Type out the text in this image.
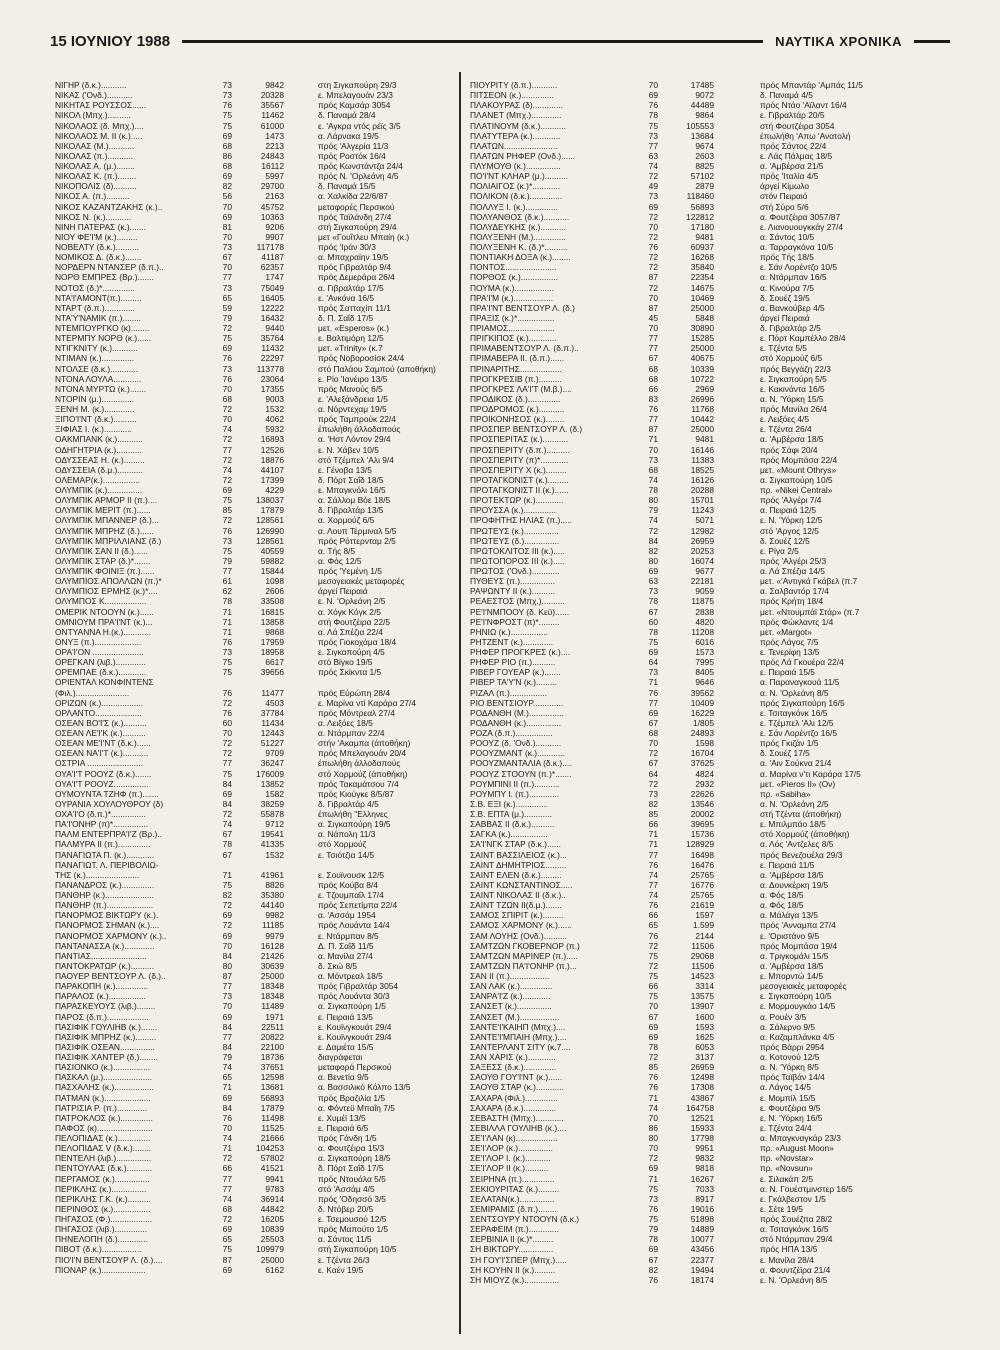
15 ΙΟΥΝΙΟΥ 1988	ΝΑΥΤΙΚΑ ΧΡΟΝΙΚΑ
ΝΙΓΗΡ (δ.κ.)...........	73	9842	στη Σιγκαπούρη 29/3
ΝΙΚΑΣ ('Ονδ.)...........	73	20328	ε. Μπελαγουάν 23/3
ΝΙΚΗΤΑΣ ΡΟΥΣΣΟΣ......	76	35567	πρός Καμσάρ 3054
ΝΙΚΟΛ (Μπχ.)..........	75	11462	δ. Παναμά 28/4
ΝΙΚΟΛΑΟΣ (δ. Μπχ.)....	75	61000	ε. 'Αγκρα ντός ρέϊς 3/5
ΝΙΚΟΛΑΟΣ Μ. ΙΙ (κ.).....	69	1473	α. Λάρνακα 19/5
ΝΙΚΟΛΑΣ (Μ.)...........	68	2213	πρός 'Αλγερία 11/3
ΝΙΚΟΛΑΣ (π.)...........	86	24843	πρός Ροστόκ 16/4
ΝΙΚΟΛΑΣ Α. (μ.)........	68	16112	πρός Κωνστάντζα 24/4
ΝΙΚΟΛΑΣ Κ. (π.)........	69	5997	πρός Ν. 'Ορλεάνη 4/5
ΝΙΚΟΠΟΛΙΣ (δ)..........	82	29700	δ. Παναμά 15/5
ΝΙΚΟΣ Α. (π.)..........	56	2163	α. Χαλκίδα 22/6/87
ΝΙΚΟΣ ΚΑΖΑΝΤΖΑΚΗΣ (κ.)..	70	45752	μεταφορές Περσικού
ΝΙΚΟΣ Ν. (κ.)...........	69	10363	πρός Ταϊλάνδη 27/4
ΝΙΝΗ ΠΑΤΕΡΑΣ (κ.).......	81	9206	στή Σιγκαπούρη 29/4
ΝΙΟΥ ΦΕ'Ι'Μ (κ.).........	70	9907	μετ «Γουΐτλευ Μπαίη (κ.)
ΝΟΒΕΛΤΥ (δ.κ.)..........	73	117178	πρός 'Ιράν 30/3
ΝΟΜΙΚΟΣ Δ. (δ.κ.).......	67	41187	α. Μπαχραίην 19/5
ΝΟΡΔΕΡΝ ΝΤΑΝΣΕΡ (δ.π.)..	70	62357	πρός Γιβραλτάρ 9/4
ΝΟΡΘ ΕΜΠΡΕΣ (Βρ.).......	77	1747	πρός Δεμεράρα 26/4
ΝΟΤΟΣ (δ.)*..............	73	75049	α. Γιβραλτάρ 17/5
ΝΤΑ'Ι'ΑΜΟΝΤ(π.).........	65	16405	ε. 'Ανκόνα 16/5
ΝΤΑΡΤ (δ.π.).............	59	12222	πρός Σατταχίπ 11/1
ΝΤΑ'Υ'ΝΑΜΙΚ (π.)........	79	16432	δ. Π. Σαΐδ 17/5
ΝΤΕΜΠΟΥΡΓΚΟ (κ)........	72	9440	μετ. «Esperos» (κ.)
ΝΤΕΡΜΠΥ ΝΟΡΘ (κ.)......	75	35764	ε. Βαλτιμόρη 12/5
ΝΤΙΓΚΝΙΤΥ (κ.)...........	69	11432	μετ. «Trinity» (κ.7
ΝΤΙΜΑΝ (κ.)..............	76	22297	πρός Νοβοροσίσκ 24/4
ΝΤΟΛΣΕ (δ.κ.)............	73	113778	στό Παλάου Σαμπού (αποθήκη)
ΝΤΟΝΑ ΛΟΥΛΑ............	76	23064	ε. Ρίο 'Ιανέιρο 13/5
ΝΤΟΝΑ ΜΥΡΤΩ (κ.).......	70	17355	πρός Μανούς 6/5
ΝΤΟΡΙΝ (μ.)..............	68	9003	ε. 'Αλεξάνδρεια 1/5
ΞΕΝΗ Μ. (κ.).............	72	1532	α. Νόρντεχαμ 19/5
ΞΙΠΟ'Ι'ΝΤ (δ.κ.)..........	70	4062	πρός Ταμπρούκ 22/4
ΞΙΦΙΑΣ Ι. (κ.)............	74	5932	έπωλήθη άλλοδαπούς
ΟΑΚΜΠΑΝΚ (κ.)...........	72	16893	α. 'Ηστ Λόντον 29/4
ΟΔΗΓΗΤΡΙΑ (κ.)...........	77	12526	ε. Ν. Χάβεν 10/5
ΟΔΥΣΣΕΑΣ Η. (κ.).........	72	18876	στό Τζέμπελ 'Αλι 9/4
ΟΔΥΣΣΕΙΑ (δ.μ.)...........	74	44107	ε. Γένοβα 13/5
ΟΛΕΜΑΡ(κ.)................	72	17399	δ. Πόρτ Σαΐδ 18/5
ΟΛΥΜΠΙΚ (κ.)...............	69	4229	ε. Μπαγκνόλι 16/5
ΟΛΥΜΠΙΚ ΑΡΜΟΡ ΙΙ (π.)....	75	138037	α. Σάλλομ Βόε 18/5
ΟΛΥΜΠΙΚ ΜΕΡΙΤ (π.)......	85	17879	δ. Γιβραλτάρ 13/5
ΟΛΥΜΠΙΚ ΜΠΑΝΝΕΡ (δ.)...	72	128561	α. Χορμούζ 6/5
ΟΛΥΜΠΙΚ ΜΠΡΗΖ (δ.)......	76	126990	α. Λουπ Τέρμιναλ 5/5
ΟΛΥΜΠΙΚ ΜΠΡΙΛΛΙΑΝΣ (δ.)	73	128561	πρός Ρόττερνταμ 2/5
ΟΛΥΜΠΙΚ ΣΑΝ ΙΙ (δ.)......	75	40559	α. Τής 8/5
ΟΛΥΜΠΙΚ ΣΤΑΡ (δ.)*.......	79	59882	α. Φός 12/5
ΟΛΥΜΠΙΚ ΦΟΙΝΙΞ (π.)......	77	15844	πρός 'Υεμένη 1/5
ΟΛΥΜΠΙΟΣ ΑΠΟΛΛΩΝ (π.)*	61	1098	μεσογειακές μεταφορές
ΟΛΥΜΠΙΟΣ ΕΡΜΗΣ (κ.)*....	62	2606	άργεί Πειραιά
ΟΛΥΜΠΟΣ Κ..................	78	33508	ε. Ν. 'Ορλεάνη 2/5
ΟΜΕΡΙΚ ΝΤΟΟΥΝ (κ.)......	71	16815	α. Χόγκ Κόγκ 2/5
ΟΜΝΙΟΥΜ ΠΡΑ'Ι'ΝΤ (κ.)...	71	13858	στή Φουτζέιρα 22/5
ΟΝΤΥΑΝΝΑ Η.(κ.)............	71	9868	α. Λά Σπέζια 22/4
ΟΝΥΞ (π.)....................	76	17959	πρός Γιοκοχάμα 18/4
ΟΡΑ'Ι'ΟΝ ......................	73	18958	ε. Σιγκαπούρη 4/5
ΟΡΕΓΚΑΝ (λιβ.).............	75	6617	στό Βίγκο 19/5
ΟΡΕΜΠΑΕ (δ.κ.)............	75	39656	πρός Σκίκντα 1/5
ΟΡΙΕΝΤΑΛ ΚΟΝΦΙΝΤΕΝΣ
(Φιλ.).......................	76	11477	πρός Εύρώπη 28/4
ΟΡΙΖΩΝ (κ.)..................	72	4503	ε. Μαρίνα ντί Καράρα 27/4
ΟΡΛΑΝΤΟ....................	76	37784	πρός Μόντρεαλ 27/4
ΟΣΕΑΝ ΒΟ'Ι'Σ (κ.)..........	60	11434	α. Λειξόες 18/5
ΟΣΕΑΝ ΛΕ'Ι'Κ (κ.)..........	70	12443	α. Ντάρμπαν 22/4
ΟΣΕΑΝ ΜΕ'Ι'ΝΤ (δ.κ.)......	72	51227	στήν 'Ακαμπα (άποθήκη)
ΟΣΕΑΝ ΝΑ'Ι'Τ (κ.)...........	72	9709	πρός Μπελαγουάν 20/4
ΟΣΤΡΙΑ ........................	77	36247	έπωλήθη άλλοδαπούς
ΟΥΑ'Ι'Τ ΡΟΟΥΖ (δ.κ.).......	75	176009	στό Χορμούζ (άποθήκη)
ΟΥΑ'Ι'Τ ΡΟΟΥΖ...............	84	13852	πρός Τακαμάτσου 7/4
ΟΥΜΟΥΝΤΑ ΤΖΗΦ (π.).......	69	1582	πρός Κιούγκε 8/5/87
ΟΥΡΑΝΙΑ ΧΟΥΛΟΥΘΡΟΥ (δ)	84	38259	δ. Γιβραλτάρ 4/5
ΟΧΑ'Ι'Ο (δ.π.)*...............	72	55878	έπωλήθη "Ελληνες
ΠΑ'Ι'ΟΝΗΡ (π)*...............	74	9712	α. Σιγκαπούρη 19/5
ΠΑΛΜ ΕΝΤΕΡΠΡΑ'Ι'Ζ (Βρ.)..	67	19541	α. Νάπολη 11/3
ΠΑΛΜΥΡΑ ΙΙ (π.)..............	78	41335	στό Χορμούζ
ΠΑΝΑΓΙΩΤΑ Π. (κ.)............	67	1532	ε. Τσιότζια 14/5
ΠΑΝΑΓΙΩΤ. Λ. ΠΕΡΙΒΟΛΙΩ-
ΤΗΣ (κ.).......................	71	41961	ε. Σουϊνουσκ 12/5
ΠΑΝΑΝΔΡΟΣ (κ.)..............	75	8826	πρός Κούβα 8/4
ΠΑΝΘΗΡ (κ.).....................	82	35380	ε. Τζουμπαΐλ 17/4
ΠΑΝΘΗΡ (π.)....................	72	44140	πρός Σεπετίμπα 22/4
ΠΑΝΟΡΜΟΣ ΒΙΚΤΩΡΥ (κ.).	69	9982	α. 'Ασσάμ 1954
ΠΑΝΟΡΜΟΣ ΣΗΜΑΝ (κ.)....	72	11185	πρός Λουάντα 14/4
ΠΑΝΟΡΜΟΣ ΧΑΡΜΟΝΥ (κ.)..	69	9979	ε. Ντάρμπαν 8/5
ΠΑΝΤΑΝΑΣΣΑ (κ.).............	70	16128	Δ. Π. Σαΐδ 11/5
ΠΑΝΤΙΑΣ........................	84	21426	α. Μανίλα 27/4
ΠΑΝΤΟΚΡΑΤΩΡ (κ.)..........	80	30639	δ. Σκώ 8/5
ΠΑΟΥΕΡ ΒΕΝΤΣΟΥΡ Λ. (δ.)..	87	25000	α. Μόντρεαλ 18/5
ΠΑΡΑΚΟΠΗ (κ.)..............	77	18348	πρός Γιβραλτάρ 3054
ΠΑΡΑΛΟΣ (κ.)................	73	18348	πρός Λουάντα 30/3
ΠΑΡΑΣΚΕΥΟΥΣ (λιβ.)........	70	11489	α. Σιγκαπούρη 1/5
ΠΑΡΟΣ (δ.π.)..................	69	1971	ε. Πειραιά 13/5
ΠΑΣΙΦΙΚ ΓΟΥΛΙΗΒ (κ.).......	84	22511	ε. Κουϊνγκουάτ 29/4
ΠΑΣΙΦΙΚ ΜΠΡΗΖ (κ.).........	77	20822	ε. Κουϊνγκουάτ 29/4
ΠΑΣΙΦΙΚ ΟΣΕΑΝ...............	84	22100	ε. Δαμιέτα 15/5
ΠΑΣΙΦΙΚ ΧΑΝΤΕΡ (δ.)........	79	18736	διαγράφεται
ΠΑΣΙΟΝΚΟ (κ.)................	74	37651	μεταφορά Περσικού
ΠΑΣΚΑΛ (μ.).....................	65	12598	α. Βενετία 9/5
ΠΑΣΧΑΛΗΣ (κ.).................	71	13681	α. Βασσιλικό Κόλπο 13/5
ΠΑΤΜΑΝ (κ.)....................	69	56893	πρός Βραζιλία 1/5
ΠΑΤΡΙΣΙΑ Ρ. (π.).............	84	17879	α. Φόντεϋ Μπαΐη 7/5
ΠΑΤΡΟΚΛΟΣ (κ.)..............	76	11498	ε. Χυμέϊ 13/5
ΠΑΦΟΣ (κ)........................	70	11525	ε. Πειραιά 6/5
ΠΕΛΟΠΙΔΑΣ (κ.)..............	74	21666	πρός Γάνδη 1/5
ΠΕΛΟΠΙΔΑΣ V (δ.κ.)........	71	104253	α. Φουτζέιρα 15/3
ΠΕΝΤΕΛΗ (λιβ.)...............	72	57802	α. Σιγκαπούρη 18/5
ΠΕΝΤΟΥΛΑΣ (δ.κ.)...........	66	41521	δ. Πόρτ Σαΐδ 17/5
ΠΕΡΓΑΜΟΣ (κ.)...............	77	9941	πρός Ντουάλα 5/5
ΠΕΡΙΚΛΗΣ (κ.)...............	77	9783	στό 'Ασσάμ 4/5
ΠΕΡΙΚΛΗΣ Γ.Κ. (κ.)..........	74	36914	πρός 'Οδησσό 3/5
ΠΕΡΙΝΘΟΣ (κ.)................	68	44842	δ. Ντόβερ 20/5
ΠΗΓΑΣΟΣ (Φ.)..................	72	16205	ε. Τσεμουσού 12/5
ΠΗΓΑΣΟΣ (λιβ.)..............	69	10839	πρός Μαπούτο 1/5
ΠΗΝΕΛΟΠΗ (δ.).............	65	25503	α. Σάντος 11/5
ΠΙΒΟΤ (δ.κ.).................	75	109979	στή Σιγκαπούρη 10/5
ΠΙΟ'Ι'Ν ΒΕΝΤΣΟΥΡ Λ. (δ.)....	87	25000	ε. Τζέντα 26/3
ΠΙΟΝΑΡ (κ.)...................	69	6162	ε. Καέν 19/5
ΠΙΟΥΡΙΤΥ (δ.π.)...........	70	17485	πρός Μπαντάρ 'Αμπάς 11/5
ΠΙΤΣΕΟΝ (κ.)..............	69	9072	δ. Παναμά 4/5
ΠΛΑΚΟΥΡΑΣ (δ).............	76	44489	πρός Ντάο 'Αϊλαντ 16/4
ΠΛΑΝΕΤ (Μπχ.).............	78	9864	ε. Γιβραλτάρ 20/5
ΠΛΑΤΙΝΟΥΜ (δ.κ.)...........	75	105553	στή Φουτζέιρα 3054
ΠΛΑΤΥΤΕΡΑ (κ.)............	73	13684	έπωλήθη 'Απω 'Ανατολή
ΠΛΑΤΩΝ.......................	77	9674	πρός Σάντος 22/4
ΠΛΑΤΩΝ ΡΗΦΕΡ (Ονδ.)......	63	2603	ε. Λάς Πάλμας 18/5
ΠΛΥΜΟΥΘ (κ.)...............	74	8825	α. 'Αμβέρσα 21/5
ΠΟ'Ι'ΝΤ ΚΛΗΑΡ (μ.)..........	72	57102	πρός 'Ιταλία 4/5
ΠΟΛΙΑΙΓΟΣ (κ.)*............	49	2879	άργεί Κίμωλο
ΠΟΛΙΚΟΝ (δ.κ.)..............	73	118460	στόν Πειραιό
ΠΟΛΛΥΞ Ι. (κ.)..............	69	56893	στή Σύρο 5/6
ΠΟΛΥΑΝΘΟΣ (δ.κ.)...........	72	122812	α. Φουτζέιρα 3057/87
ΠΟΛΥΔΕΥΚΗΣ (κ.)...........	70	17180	ε. Λιανουουγκκάγ 27/4
ΠΟΛΥΞΕΝΗ (Μ.)..............	72	9481	α. Σάντος 10/5
ΠΟΛΥΞΕΝΗ Κ. (δ.)*..........	76	60937	α. Ταρραγκόνα 10/5
ΠΟΝΤΙΑΚΗ ΔΟΞΑ (κ.)........	72	16268	πρός Τής 18/5
ΠΟΝΤΟΣ......................	72	35840	ε. Σάν Λορέντζο 10/5
ΠΟΡΘΟΣ (κ.)................	87	22354	α. Ντάρμπαν 16/5
ΠΟΥΜΑ (κ.).................	72	14675	α. Κινούρα 7/5
ΠΡΑ'Ι'Μ (κ.).................	70	10469	δ. Σουέζ 19/5
ΠΡΑ'Ι'ΝΤ ΒΕΝΤΣΟΥΡ Λ. (δ.)	87	25000	α. Βανκούβερ 4/5
ΠΡΑΞΙΣ (κ.)*................	45	5848	άργεί Πειραιά
ΠΡΙΑΜΟΣ....................	70	30890	δ. Γιβραλτάρ 2/5
ΠΡΙΓΚΙΠΟΣ (κ.)............	77	15285	ε. Πόρτ Καμπέλλο 28/4
ΠΡΙΜΑΒΕΝΤΣΟΥΡ Λ. (δ.π.)..	77	25000	ε. Τζέντα 5/5
ΠΡΙΜΑΒΕΡΑ ΙΙ. (δ.π.)......	67	40675	στό Χορμούζ 6/5
ΠΡΙΝΑΡΙΤΗΣ..................	68	10339	πρός Βεγγάζη 22/3
ΠΡΟΓΚΡΕΣΙΒ (π.)..........	68	10722	ε. Σιγκαπούρη 5/5
ΠΡΟΓΚΡΕΣ ΛΑ'Ι'Τ (Μ.β.)....	66	2969	ε. Κακινάντα 16/5
ΠΡΟΔΙΚΟΣ (δ.)..............	83	26996	α. Ν. 'Υόρκη 15/5
ΠΡΟΔΡΟΜΟΣ (κ.)...........	76	11768	πρός Μανίλα 26/4
ΠΡΟΙΚΟΝΗΣΟΣ (κ.)........	77	10442	ε. Λειξόες 4/5
ΠΡΟΣΠΕΡ ΒΕΝΤΣΟΥΡ Λ. (δ.)	87	25000	ε. Τζέντα 26/4
ΠΡΟΣΠΕΡΙΤΑΣ (κ.)...........	71	9481	α. 'Αμβέρσα 18/5
ΠΡΟΣΠΕΡΙΤΥ (δ.π.)..........	70	16146	πρός Σάφι 20/4
ΠΡΟΣΠΕΡΙΤΥ (π)*............	73	11383	πρός Μομπάσα 22/4
ΠΡΟΣΠΕΡΙΤΥ Χ (κ.).........	68	18525	μετ. «Mount Othrys»
ΠΡΟΤΑΓΚΟΝΙΣΤ (κ.).........	74	16126	α. Σιγκαπούρη 10/5
ΠΡΟΤΑΓΚΟΝΙΣΤ ΙΙ (κ.)......	78	20288	πρ. «Nikei Central»
ΠΡΟΤΕΚΤΩΡ (κ.)............	80	15701	πρός 'Αλγέρι 7/4
ΠΡΟΥΣΣΑ (κ.)..............	79	11243	α. Πειραιά 12/5
ΠΡΟΦΗΤΗΣ ΗΛΙΑΣ (π.).....	74	5071	ε. Ν. 'Υόρκη 12/5
ΠΡΩΤΕΥΣ (κ.)...............	72	12982	στό 'Αργος 12/5
ΠΡΩΤΕΥΣ (δ.)...............	84	26959	δ. Σουέζ 12/5
ΠΡΩΤΟΚΛΙΤΟΣ ΙΙΙ (κ.).....	82	20253	ε. Ρίγα 2/5
ΠΡΩΤΟΠΟΡΟΣ ΙΙΙ (κ.).....	80	16074	πρός 'Αλγέρι 25/3
ΠΡΩΤΟΣ ('Ονδ.)............	69	9677	α. Λά Σπέζια 14/5
ΠΥΘΕΥΣ (π.)...............	63	22181	μετ. «'Αντιγκά Γκάβελ (π.7
ΡΑΨΩΝΤΥ ΙΙ (κ.)..........	73	9059	α. Σαλβαντόρ 17/4
ΡΕΑΕΣΤΟΣ (Μπχ.)..........	78	11875	πρός Κρήτη 18/4
ΡΕ'Ι'ΝΜΠΟΟΥ (δ. Κεϋ)......	67	2838	μετ. «Ντουμπάϊ Στάρ» (π.7
ΡΕ'Ι'ΝΦΡΟΣΤ (π)*.........	60	4820	πρός Φώκλαντς 1/4
ΡΗΝΙΩ (κ.)................	78	11208	μετ. «Margot»
ΡΗΤΖΕΝΤ (κ.).............	75	6016	πρός Λάγος 7/5
ΡΗΦΕΡ ΠΡΟΓΚΡΕΣ (κ.)....	69	1573	ε. Τενερίφη 13/5
ΡΗΦΕΡ ΡΙΟ (π.)..........	64	7995	πρός Λά Γκουέρα 22/4
ΡΙΒΕΡ ΓΟΥΕΑΡ (κ.).......	73	8405	ε. Πειραιά 15/5
ΡΙΒΕΡ ΤΑ'Υ'Ν (κ.).........	71	9646	α. Παραναγκουά 11/5
ΡΙΖΑΛ (π.)................	76	39562	α. Ν. 'Ορλεάνη 8/5
ΡΙΟ ΒΕΝΤΣΙΟΥΡ.............	77	10409	πρός Σιγκαπούρη 16/5
ΡΟΔΑΝΘΗ (Μ.)...............	69	16229	ε. Τσιταγκόνκ 16/5
ΡΟΔΑΝΘΗ (κ.)...............	67	1/805	ε. Τζέμπελ 'Αλι 12/5
ΡΟΖΑ (δ.π.)................	68	24893	ε. Σάν Λορέντζο 16/5
ΡΟΟΥΖ (δ. 'Ονδ.)...........	70	1598	πρός Γκιζάν 1/5
ΡΟΟΥΖΜΑΝΤ (κ.)............	72	16704	δ. Σουέζ 17/5
ΡΟΟΥΖΜΑΝΤΑΛΙΑ (δ.κ.)....	67	37625	α. 'Αιν Σούκνα 21/4
ΡΟΟΥΖ ΣΤΟΟΥΝ (π.)*.......	64	4824	α. Μαρίνα ν'τι Καράρα 17/5
ΡΟΥΜΠΙΝΙ ΙΙ (π.)...........	72	2932	μετ. «Pieros II» (Ον)
ΡΟΥΜΠΥ Ι. (π.).............	73	22626	πρ. «Sabiha»
Σ.Β. ΕΞΙ (κ.)..............	82	13546	α. Ν. 'Ορλεάνη 2/5
Σ.Β. ΕΠΤΑ (μ.)............	85	20002	στή Τζέντα (άποθήκη)
ΣΑΒΒΑΣ ΙΙ (δ.κ.)..........	66	39695	ε. Μπιλμπάο 18/5
ΣΑΓΚΑ (κ.)................	71	15736	στό Χορμούζ (άποθήκη)
ΣΑ'Ι'ΝΓΚ ΣΤΑΡ (δ.κ.)......	71	128929	α. Λός 'Αντζελες 8/5
ΣΑΙΝΤ ΒΑΣΣΙΛΕΙΟΣ (κ.)...	77	16498	πρός Βενεζουέλα 29/3
ΣΑΙΝΤ ΔΗΜΗΤΡΙΟΣ.........	76	16476	ε. Πειραιά 11/5
ΣΑΙΝΤ ΕΛΕΝ (δ.κ.).........	74	25765	α. 'Αμβέρσα 18/5
ΣΑΙΝΤ ΚΩΝΣΤΑΝΤΙΝΟΣ.....	77	16776	α. Δουνκέρκη 19/5
ΣΑΙΝΤ ΝΙΚΟΛΑΣ ΙΙ (δ.κ.)..	74	25765	α. Φός 18/5
ΣΑΙΝΤ ΤΖΩΝ ΙΙ(δ.μ.).......	76	21619	α. Φός 18/5
ΣΑΜΟΣ ΣΠΙΡΙΤ (κ.).........	66	1597	α. Μάλάγα 13/5
ΣΑΜΟΣ ΧΑΡΜΟΝΥ (κ.)......	65	1.599	πρός 'Ανναμπα 27/4
ΣΑΜ ΛΟΥΗΣ (Ονδ.)..........	76	2144	ε. 'Οριστάνο 9/5
ΣΑΜΤΖΩΝ ΓΚΟΒΕΡΝΟΡ (π.)	72	11506	πρός Μομπάσα 19/4
ΣΑΜΤΖΩΝ ΜΑΡΙΝΕΡ (π.).....	75	29068	α. Τριγκομάλι 15/5
ΣΑΜΤΖΩΝ ΠΑ'Ι'ΟΝΗΡ (π.)...	72	11506	α. 'Αμβέρσα 18/5
ΣΑΝ ΙΙ (π.).................	75	14523	ε. Μπορντώ 14/5
ΣΑΝ ΛΑΚ (κ.)..............	66	3314	μεσογειακές μεταφορές
ΣΑΝΡΑ'Ι'Ζ (κ.)............	75	13575	ε. Σιγκαπούρη 10/5
ΣΑΝΣΕΤ (κ.)...............	70	13907	ε. Μορμουγκάο 14/5
ΣΑΝΣΕΤ (Μ.).................	67	1600	α. Ρουέν 3/5
ΣΑΝΤΕ'Ι'ΚΑΙΗΠ (Μπχ.)....	69	1593	α. Σάλερνο 9/5
ΣΑΝΤΕ'Ι'ΜΠΑΙΗ (Μπχ.)....	69	1625	α. Καζαμπλάνκα 4/5
ΣΑΝΤΕΡΛΑΝΤ ΣΙΤΥ (κ.7....	78	6053	πρός Βάρρι 2954
ΣΑΝ ΧΑΡΙΣ (κ.)............	72	3137	α. Κοτονού 12/5
ΣΑΞΕΣΣ (δ.κ.)..............	85	26959	α. Ν. 'Υόρκη 8/5
ΣΑΟΥΘ ΓΟΥ'Ι'ΝΤ (κ.)......	76	12498	πρός Ταϊβάν 14/4
ΣΑΟΥΘ ΣΤΑΡ (κ.)............	76	17308	α. Λάγος 14/5
ΣΑΧΑΡΑ (Φιλ.)..............	71	43867	ε. Μομπίλ 15/5
ΣΑΧΑΡΑ (δ.κ.)..............	74	164758	ε. Φουτζέιρα 9/5
ΣΕΒΑΣΤΗ (Μπχ.)............	70	12521	ε. Ν. 'Υόρκη 16/5
ΣΕΒΙΛΛΑ ΓΟΥΛΙΗΒ (κ.)....	86	15933	ε. Τζέντα 24/4
ΣΕ'Ι'ΛΑΝ (κ)..................	80	17798	α. Μπαγκναγκάρ 23/3
ΣΕ'Ι'ΛΟΡ (κ.)...............	70	9951	πρ. «August Moon»
ΣΕ'Ι'ΛΟΡ Ι. (κ.)...........	72	9832	πρ. «Novstar»
ΣΕ'Ι'ΛΟΡ ΙΙ (κ.)..........	69	9818	πρ. «Novsun»
ΣΕΙΡΗΝΑ (π.)..............	71	16267	ε. Σιλακάπ 2/5
ΣΕΚΙΟΥΡΙΤΑΣ (κ.).........	75	7033	α. Ν. Γουέστμινστερ 16/5
ΣΕΛΑΤΑΝ(κ.)...............	73	8917	ε. Γκάλβεστον 1/5
ΣΕΜΙΡΑΜΙΣ (δ.π.)........	76	19016	ε. Σέτε 19/5
ΣΕΝΤΣΟΥΡΥ ΝΤΟΟΥΝ (δ.κ.)	75	51898	πρός Σουέζπα 28/2
ΣΕΡΑΦΕΙΜ (π.).............	79	14889	α. Τσιταγκόνκ 16/5
ΣΕΡΒΙΝΙΑ ΙΙ (κ.)*.........	78	10077	στό Ντάρμπαν 29/4
ΣΗ ΒΙΚΤΩΡΥ...............	69	43456	πρός ΗΠΑ 13/5
ΣΗ ΓΟΥ'Ι'ΣΠΕΡ (Μπχ.).....	67	22377	ε. Μανίλα 28/4
ΣΗ ΚΟΥΗΝ ΙΙ (κ.).........	82	19494	α. Φουντζέϊρα 21/4
ΣΗ ΜΙΟΥΖ (κ.)...............	76	18174	ε. Ν. 'Ορλεάνη 8/5
